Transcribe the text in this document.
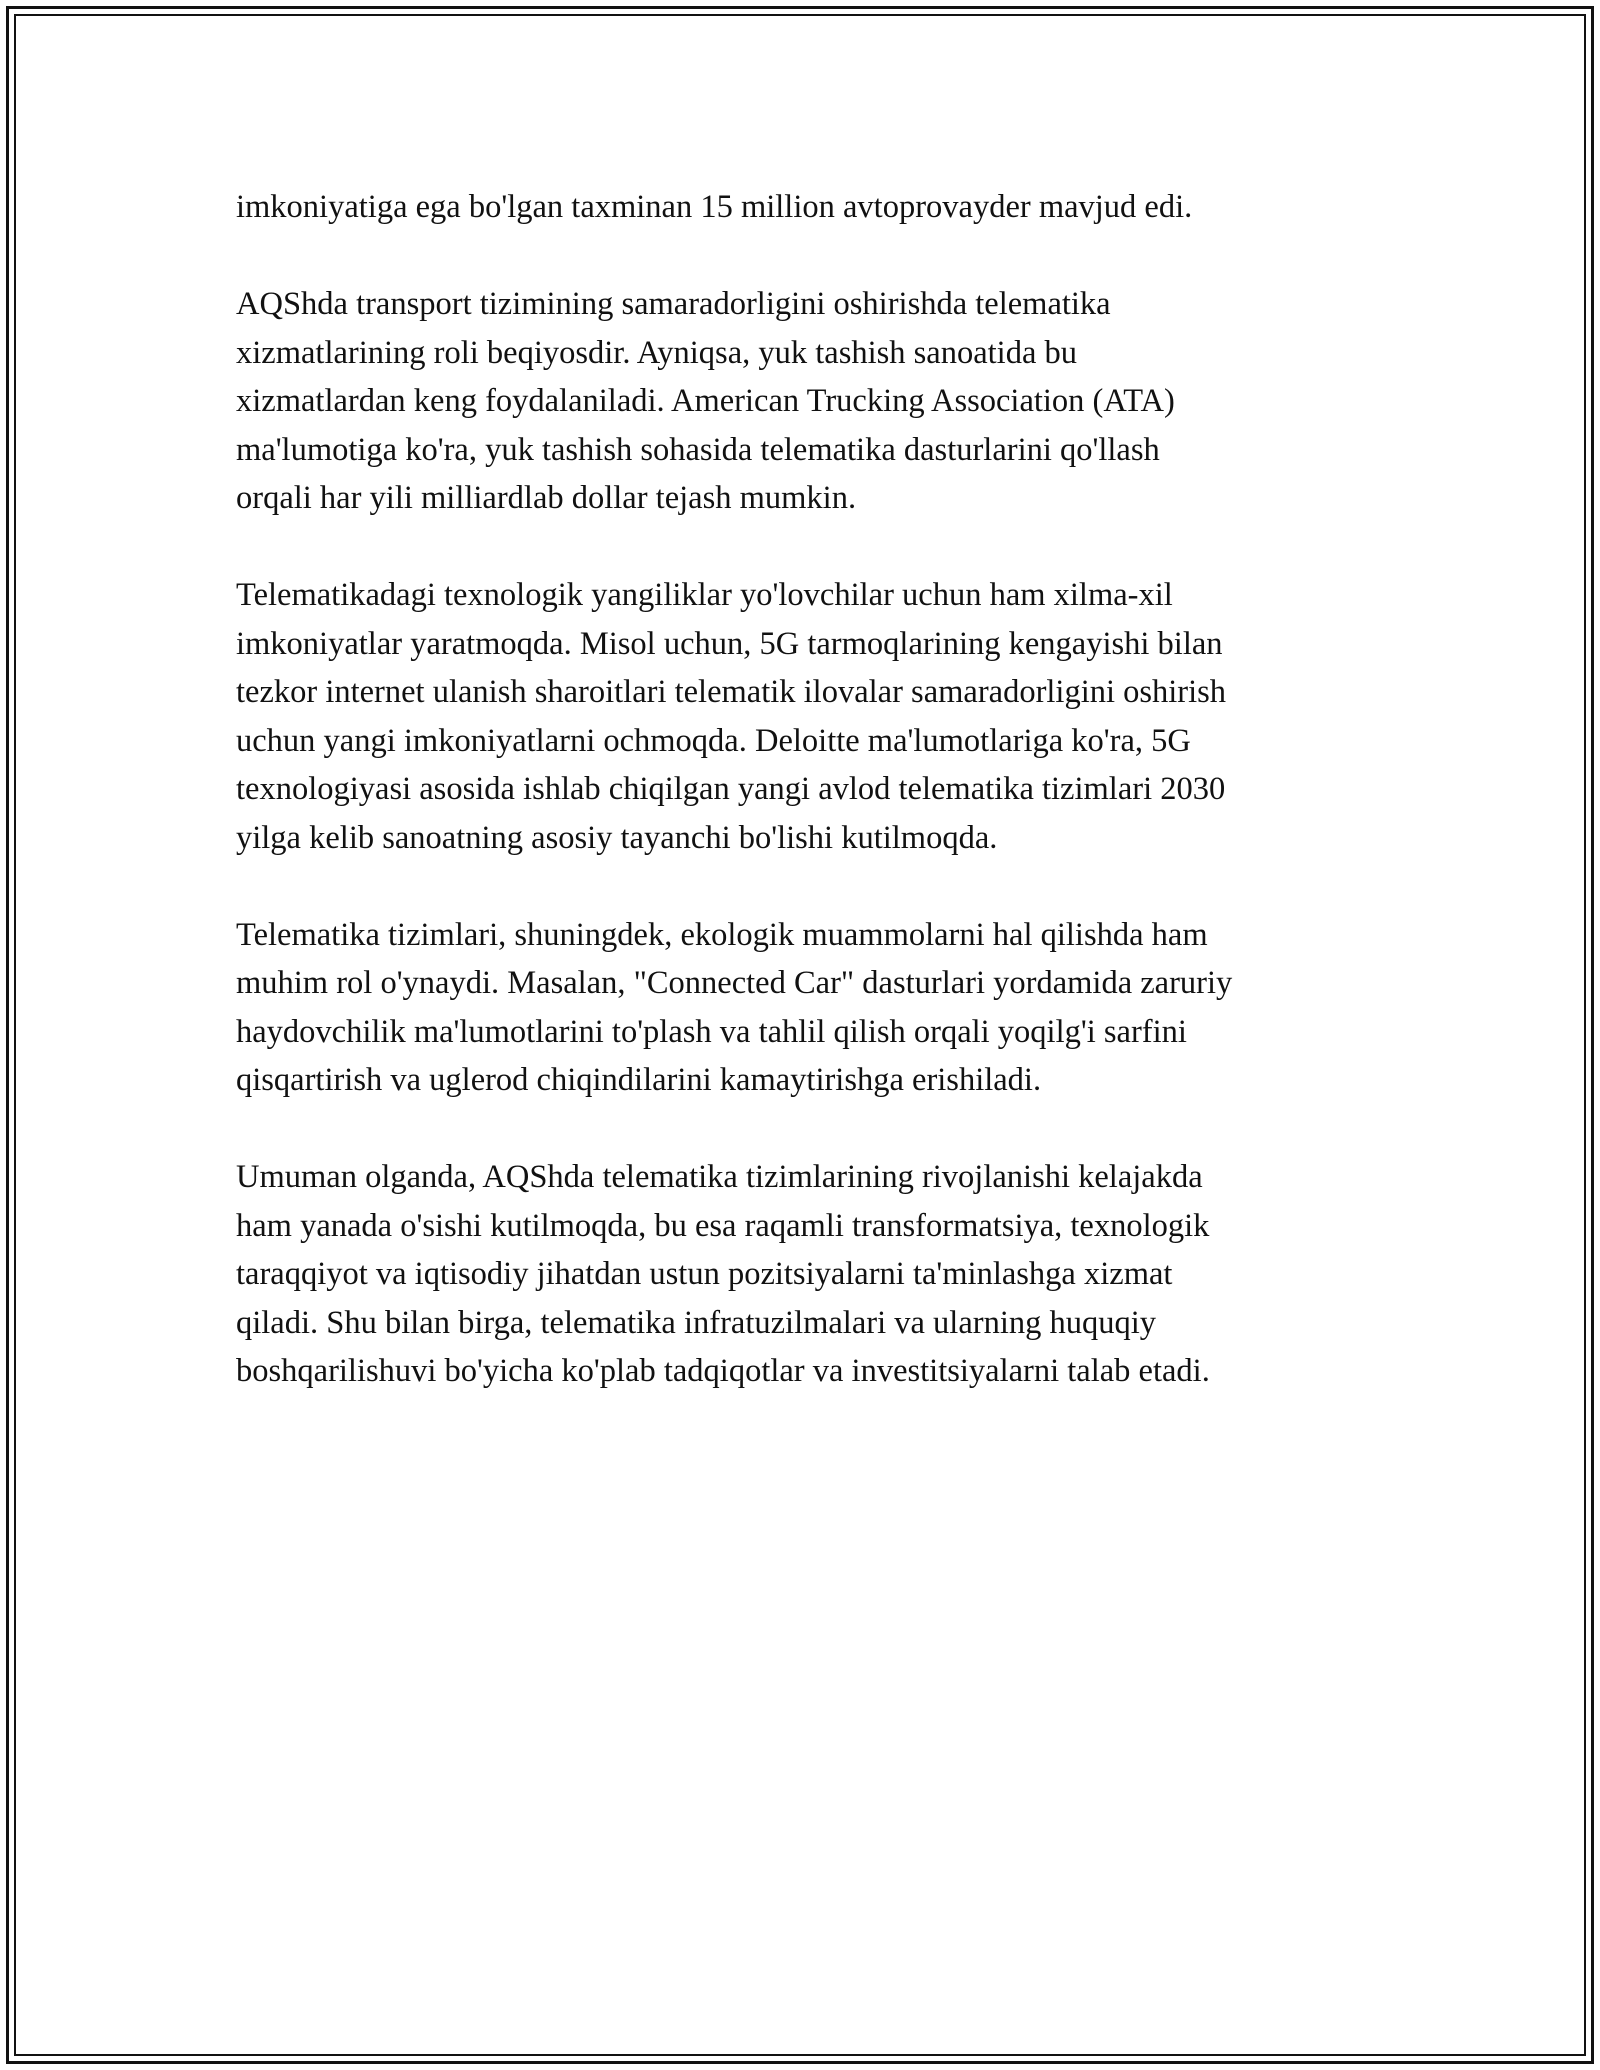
imkoniyatiga ega bo'lgan taxminan 15 million avtoprovayder mavjud edi.

AQShda transport tizimining samaradorligini oshirishda telematika
xizmatlarining roli beqiyosdir. Ayniqsa, yuk tashish sanoatida bu
xizmatlardan keng foydalaniladi. American Trucking Association (ATA)
ma'lumotiga ko'ra, yuk tashish sohasida telematika dasturlarini qo'llash
orqali har yili milliardlab dollar tejash mumkin.

Telematikadagi texnologik yangiliklar yo'lovchilar uchun ham xilma-xil
imkoniyatlar yaratmoqda. Misol uchun, 5G tarmoqlarining kengayishi bilan
tezkor internet ulanish sharoitlari telematik ilovalar samaradorligini oshirish
uchun yangi imkoniyatlarni ochmoqda. Deloitte ma'lumotlariga ko'ra, 5G
texnologiyasi asosida ishlab chiqilgan yangi avlod telematika tizimlari 2030
yilga kelib sanoatning asosiy tayanchi bo'lishi kutilmoqda.

Telematika tizimlari, shuningdek, ekologik muammolarni hal qilishda ham
muhim rol o'ynaydi. Masalan, "Connected Car" dasturlari yordamida zaruriy
haydovchilik ma'lumotlarini to'plash va tahlil qilish orqali yoqilg'i sarfini
qisqartirish va uglerod chiqindilarini kamaytirishga erishiladi.

Umuman olganda, AQShda telematika tizimlarining rivojlanishi kelajakda
ham yanada o'sishi kutilmoqda, bu esa raqamli transformatsiya, texnologik
taraqqiyot va iqtisodiy jihatdan ustun pozitsiyalarni ta'minlashga xizmat
qiladi. Shu bilan birga, telematika infratuzilmalari va ularning huquqiy
boshqarilishuvi bo'yicha ko'plab tadqiqotlar va investitsiyalarni talab etadi.
